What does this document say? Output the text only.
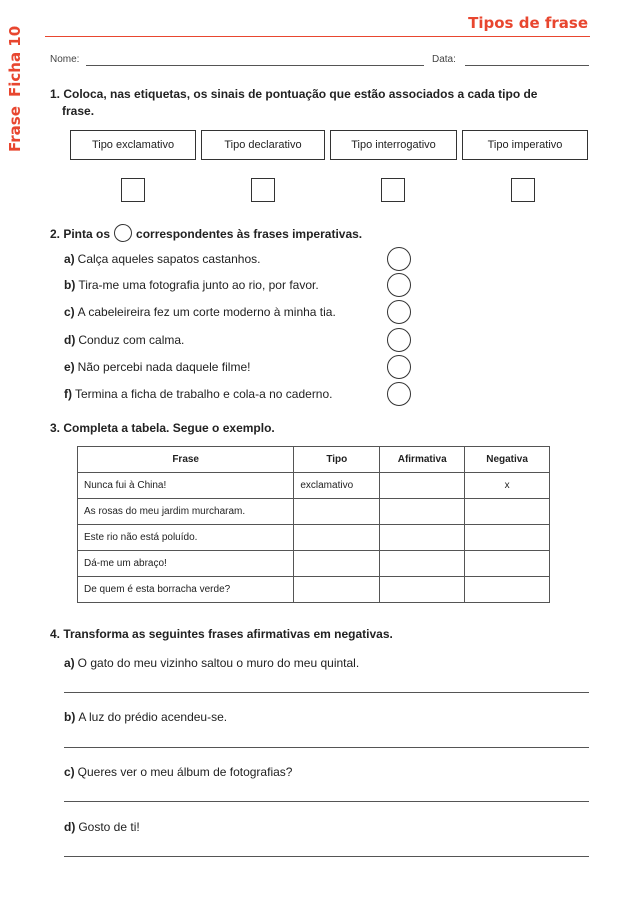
Frase
Ficha 10
Tipos de frase
Nome:	Data:
1. Coloca, nas etiquetas, os sinais de pontuação que estão associados a cada tipo de
frase.
Tipo exclamativo	Tipo declarativo	Tipo interrogativo	Tipo imperativo
2. Pinta os correspondentes às frases imperativas.
a) Calça aqueles sapatos castanhos.
b) Tira-me uma fotografia junto ao rio, por favor.
c) A cabeleireira fez um corte moderno à minha tia.
d) Conduz com calma.
e) Não percebi nada daquele filme!
f) Termina a ficha de trabalho e cola-a no caderno.
3. Completa a tabela. Segue o exemplo.
Frase	Tipo	Afirmativa	Negativa
Nunca fui à China!	exclamativo		x
As rosas do meu jardim murcharam.			
Este rio não está poluído.			
Dá-me um abraço!			
De quem é esta borracha verde?			
4. Transforma as seguintes frases afirmativas em negativas.
a) O gato do meu vizinho saltou o muro do meu quintal.
b) A luz do prédio acendeu-se.
c) Queres ver o meu álbum de fotografias?
d) Gosto de ti!
